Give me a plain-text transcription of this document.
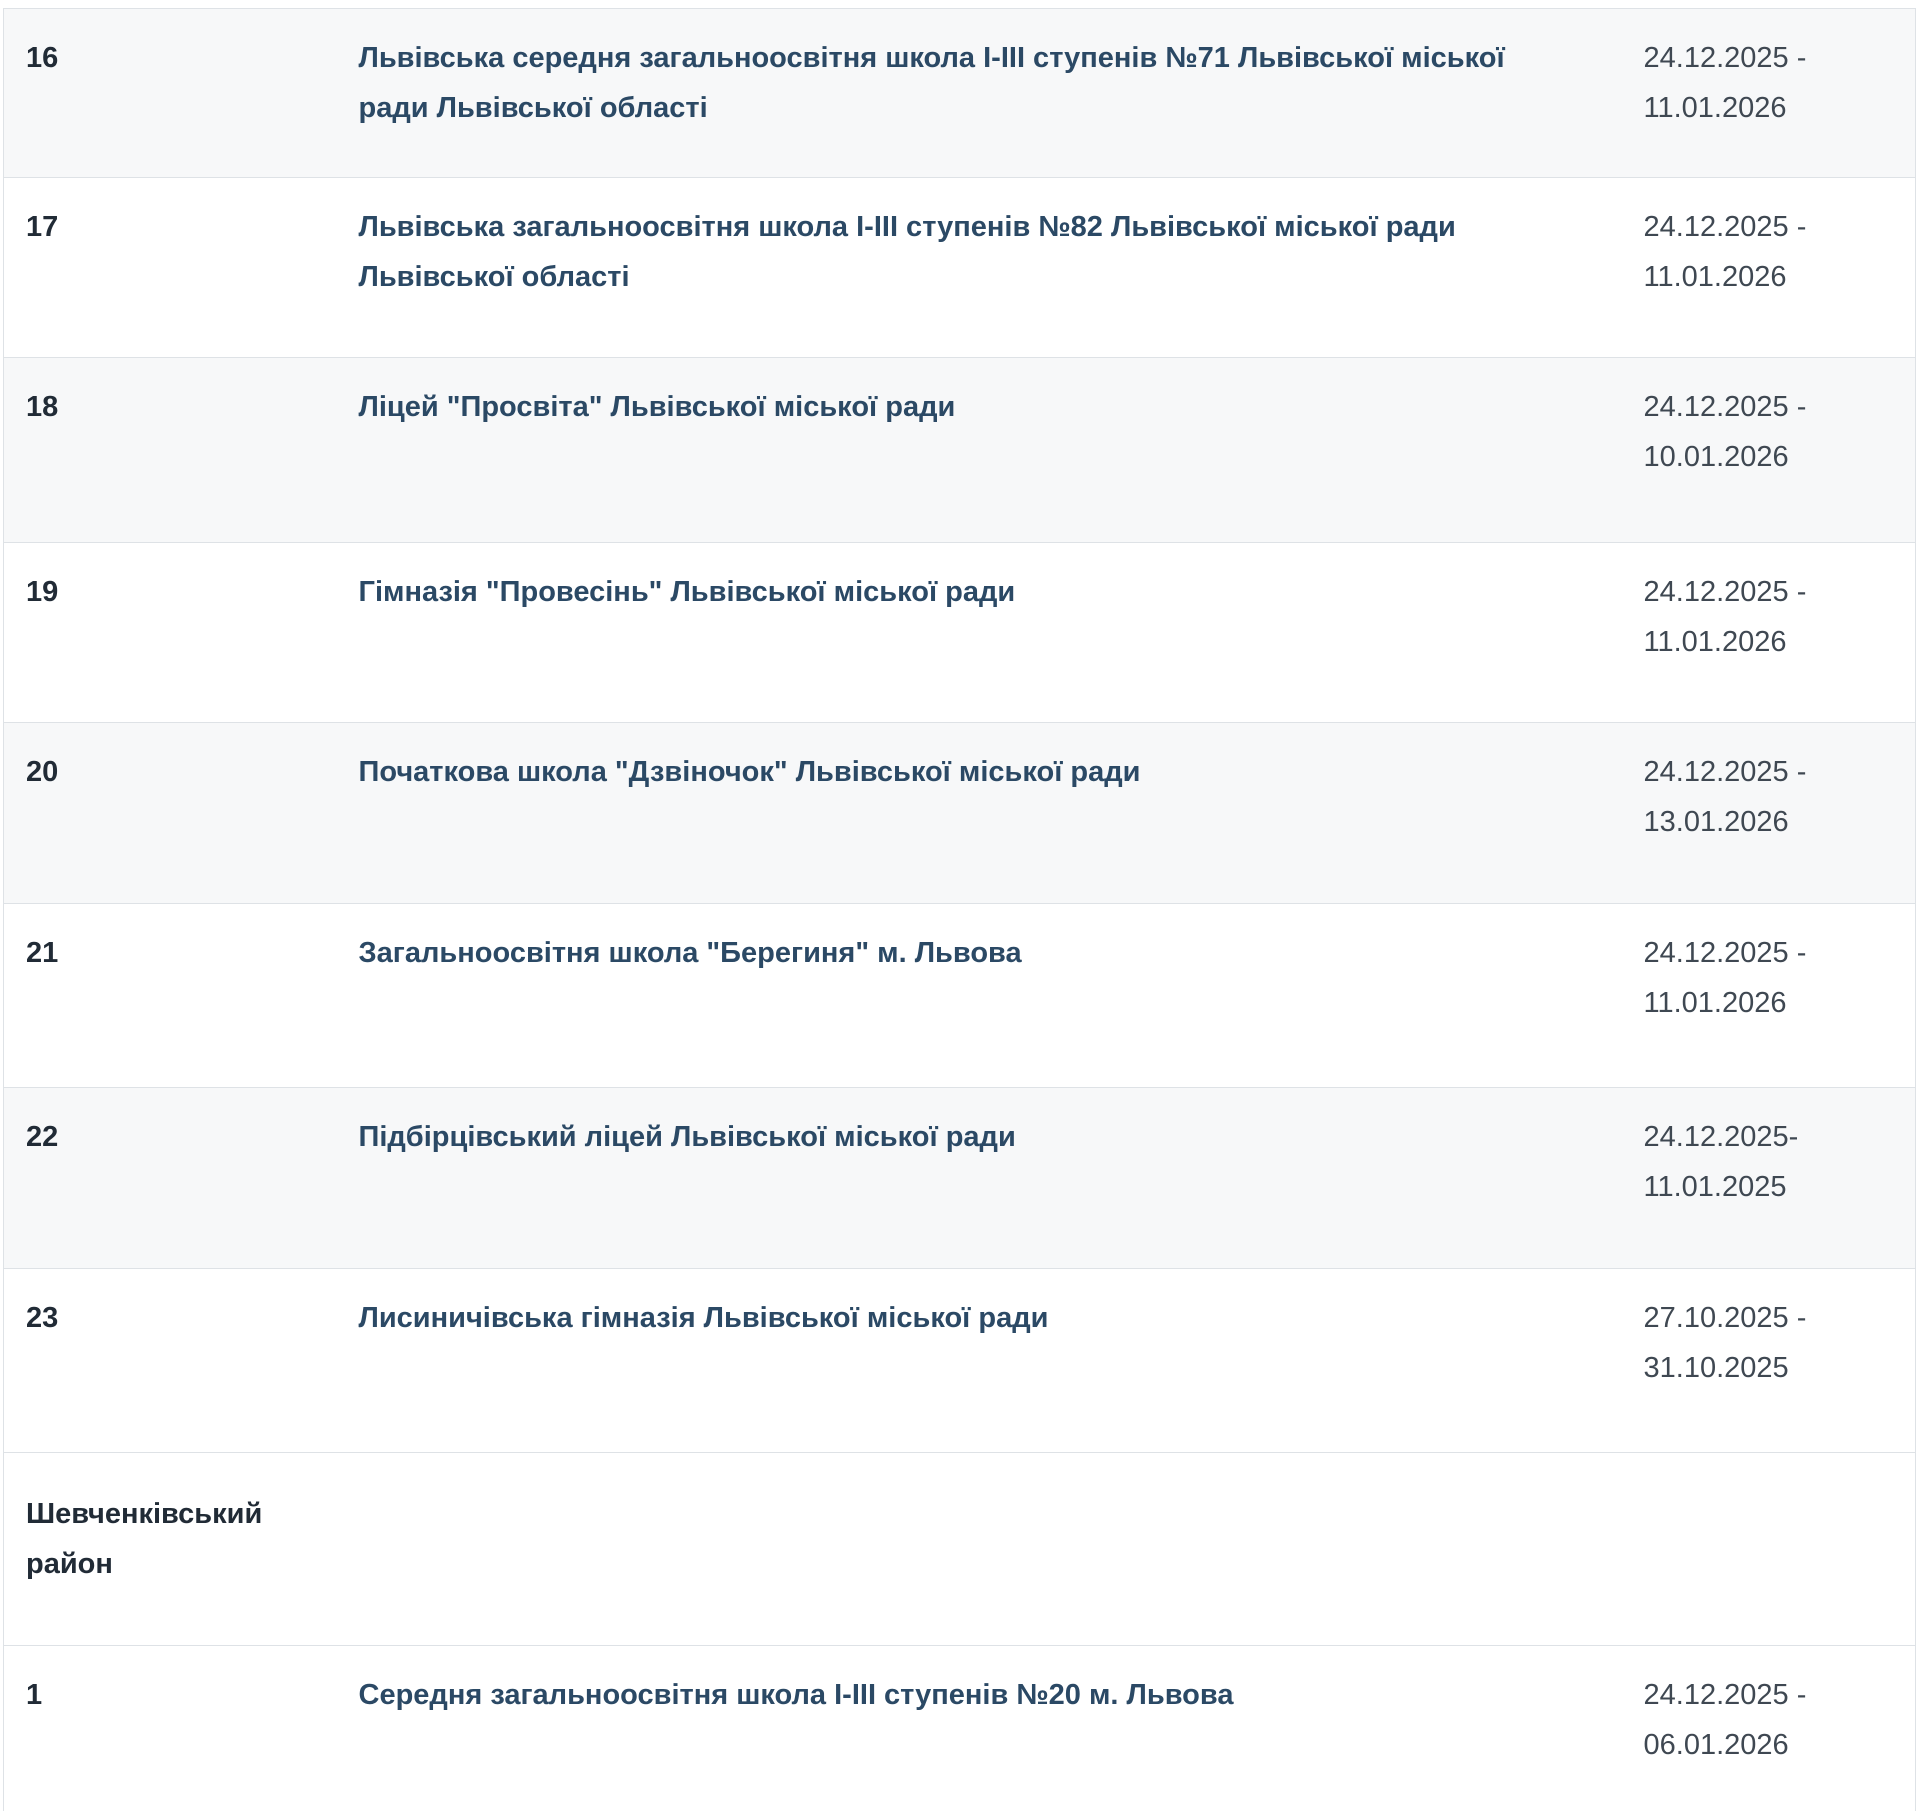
16	Львівська середня загальноосвітня школа І-ІІІ ступенів №71 Львівської міської ради Львівської області	24.12.2025 - 11.01.2026
17	Львівська загальноосвітня школа І-ІІІ ступенів №82 Львівської міської ради Львівської області	24.12.2025 - 11.01.2026
18	Ліцей "Просвіта" Львівської міської ради	24.12.2025 - 10.01.2026
19	Гімназія "Провесінь" Львівської міської ради	24.12.2025 - 11.01.2026
20	Початкова школа "Дзвіночок" Львівської міської ради	24.12.2025 - 13.01.2026
21	Загальноосвітня школа "Берегиня" м. Львова	24.12.2025 - 11.01.2026
22	Підбірцівський ліцей Львівської міської ради	24.12.2025- 11.01.2025
23	Лисиничівська гімназія Львівської міської ради	27.10.2025 - 31.10.2025
Шевченківський район		
1	Середня загальноосвітня школа І-ІІІ ступенів №20 м. Львова	24.12.2025 - 06.01.2026
